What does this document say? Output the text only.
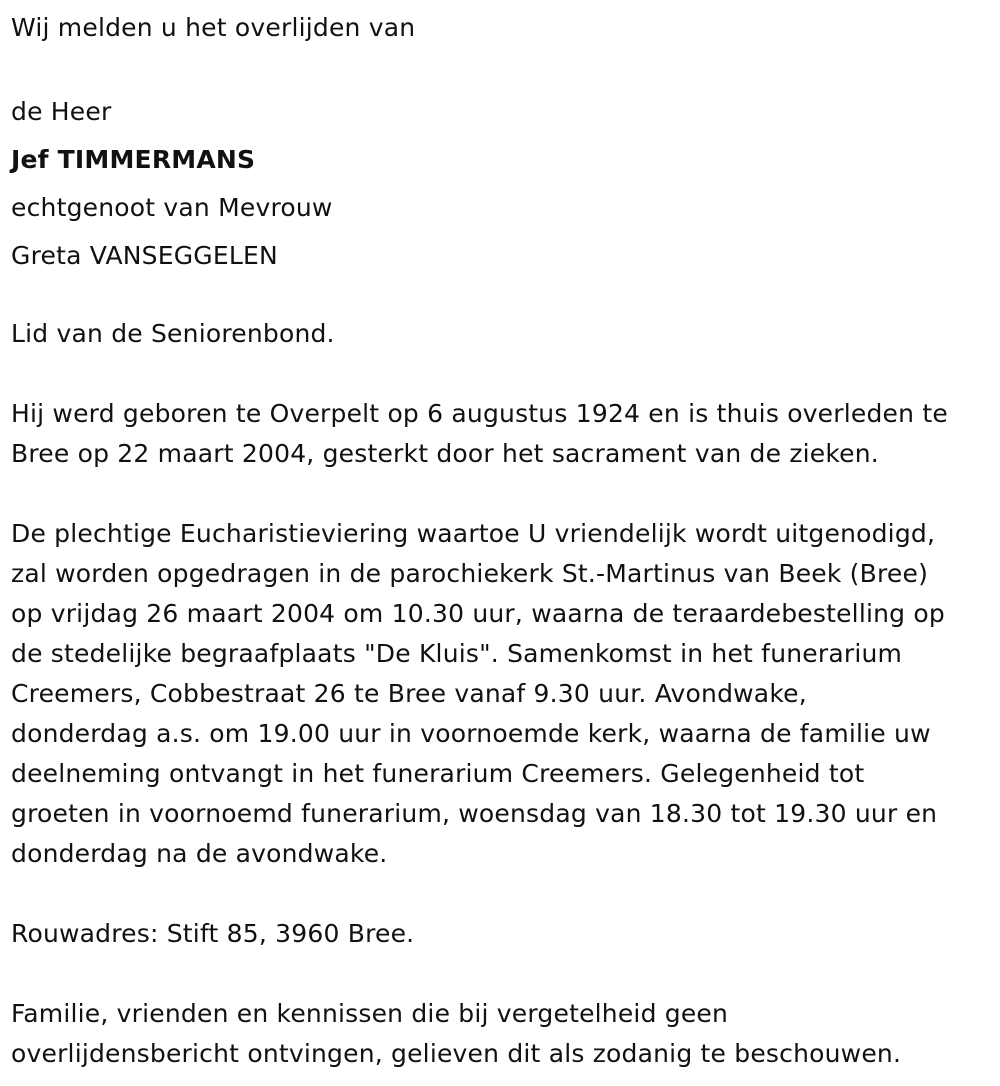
Wij melden u het overlijden van
de Heer
Jef TIMMERMANS
echtgenoot van Mevrouw
Greta VANSEGGELEN
Lid van de Seniorenbond.
Hij werd geboren te Overpelt op 6 augustus 1924 en is thuis overleden te
Bree op 22 maart 2004, gesterkt door het sacrament van de zieken.
De plechtige Eucharistieviering waartoe U vriendelijk wordt uitgenodigd,
zal worden opgedragen in de parochiekerk St.-Martinus van Beek (Bree)
op vrijdag 26 maart 2004 om 10.30 uur, waarna de teraardebestelling op
de stedelijke begraafplaats "De Kluis". Samenkomst in het funerarium
Creemers, Cobbestraat 26 te Bree vanaf 9.30 uur. Avondwake,
donderdag a.s. om 19.00 uur in voornoemde kerk, waarna de familie uw
deelneming ontvangt in het funerarium Creemers. Gelegenheid tot
groeten in voornoemd funerarium, woensdag van 18.30 tot 19.30 uur en
donderdag na de avondwake.
Rouwadres: Stift 85, 3960 Bree.
Familie, vrienden en kennissen die bij vergetelheid geen
overlijdensbericht ontvingen, gelieven dit als zodanig te beschouwen.
